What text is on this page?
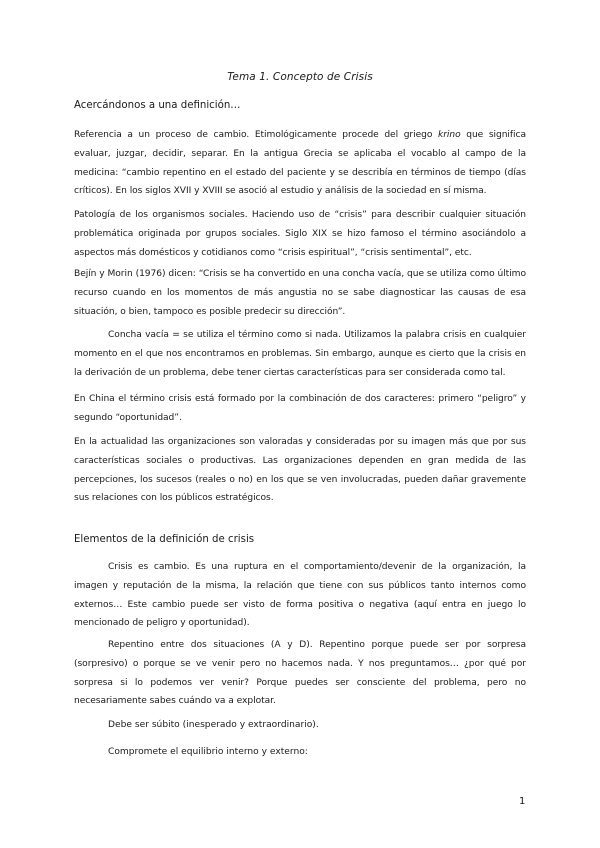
Tema 1. Concepto de Crisis
Acercándonos a una definición…
Referencia a un proceso de cambio. Etimológicamente procede del griego krino que significa evaluar, juzgar, decidir, separar. En la antigua Grecia se aplicaba el vocablo al campo de la medicina: “cambio repentino en el estado del paciente y se describía en términos de tiempo (días críticos). En los siglos XVII y XVIII se asoció al estudio y análisis de la sociedad en sí misma.
Patología de los organismos sociales. Haciendo uso de “crisis” para describir cualquier situación problemática originada por grupos sociales. Siglo XIX se hizo famoso el término asociándolo a aspectos más domésticos y cotidianos como “crisis espiritual”, “crisis sentimental”, etc.
Bejín y Morin (1976) dicen: “Crisis se ha convertido en una concha vacía, que se utiliza como último recurso cuando en los momentos de más angustia no se sabe diagnosticar las causas de esa situación, o bien, tampoco es posible predecir su dirección”.
Concha vacía = se utiliza el término como si nada. Utilizamos la palabra crisis en cualquier momento en el que nos encontramos en problemas. Sin embargo, aunque es cierto que la crisis en la derivación de un problema, debe tener ciertas características para ser considerada como tal.
En China el término crisis está formado por la combinación de dos caracteres: primero “peligro” y segundo “oportunidad”.
En la actualidad las organizaciones son valoradas y consideradas por su imagen más que por sus características sociales o productivas. Las organizaciones dependen en gran medida de las percepciones, los sucesos (reales o no) en los que se ven involucradas, pueden dañar gravemente sus relaciones con los públicos estratégicos.
Elementos de la definición de crisis
Crisis es cambio. Es una ruptura en el comportamiento/devenir de la organización, la imagen y reputación de la misma, la relación que tiene con sus públicos tanto internos como externos… Este cambio puede ser visto de forma positiva o negativa (aquí entra en juego lo mencionado de peligro y oportunidad).
Repentino entre dos situaciones (A y D). Repentino porque puede ser por sorpresa (sorpresivo) o porque se ve venir pero no hacemos nada. Y nos preguntamos… ¿por qué por sorpresa si lo podemos ver venir? Porque puedes ser consciente del problema, pero no necesariamente sabes cuándo va a explotar.
Debe ser súbito (inesperado y extraordinario).
Compromete el equilibrio interno y externo:
1
